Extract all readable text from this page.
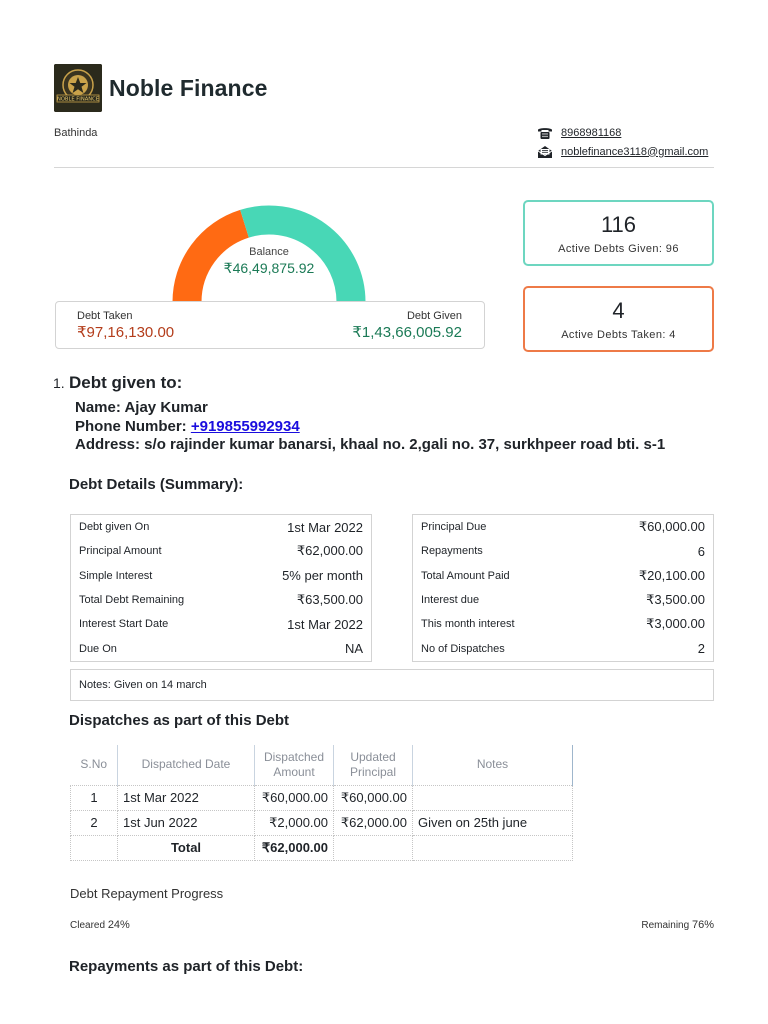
NOBLE FINANCE Noble Finance
Bathinda	8968981168
noblefinance3118@gmail.com
Balance
₹46,49,875.92
Debt Taken
₹97,16,130.00
Debt Given
₹1,43,66,005.92
116
Active Debts Given: 96
4
Active Debts Taken: 4
1. Debt given to:
Name: Ajay Kumar
Phone Number: +919855992934
Address: s/o rajinder kumar banarsi, khaal no. 2,gali no. 37, surkhpeer road bti. s-1
Debt Details (Summary):
Debt given On	1st Mar 2022
Principal Amount	₹62,000.00
Simple Interest	5% per month
Total Debt Remaining	₹63,500.00
Interest Start Date	1st Mar 2022
Due On	NA
Principal Due	₹60,000.00
Repayments	6
Total Amount Paid	₹20,100.00
Interest due	₹3,500.00
This month interest	₹3,000.00
No of Dispatches	2
Notes: Given on 14 march
Dispatches as part of this Debt
S.No	Dispatched Date	Dispatched Amount	Updated Principal	Notes
1	1st Mar 2022	₹60,000.00	₹60,000.00	
2	1st Jun 2022	₹2,000.00	₹62,000.00	Given on 25th june
	Total	₹62,000.00		
Debt Repayment Progress
Cleared 24%	Remaining 76%
Repayments as part of this Debt:
